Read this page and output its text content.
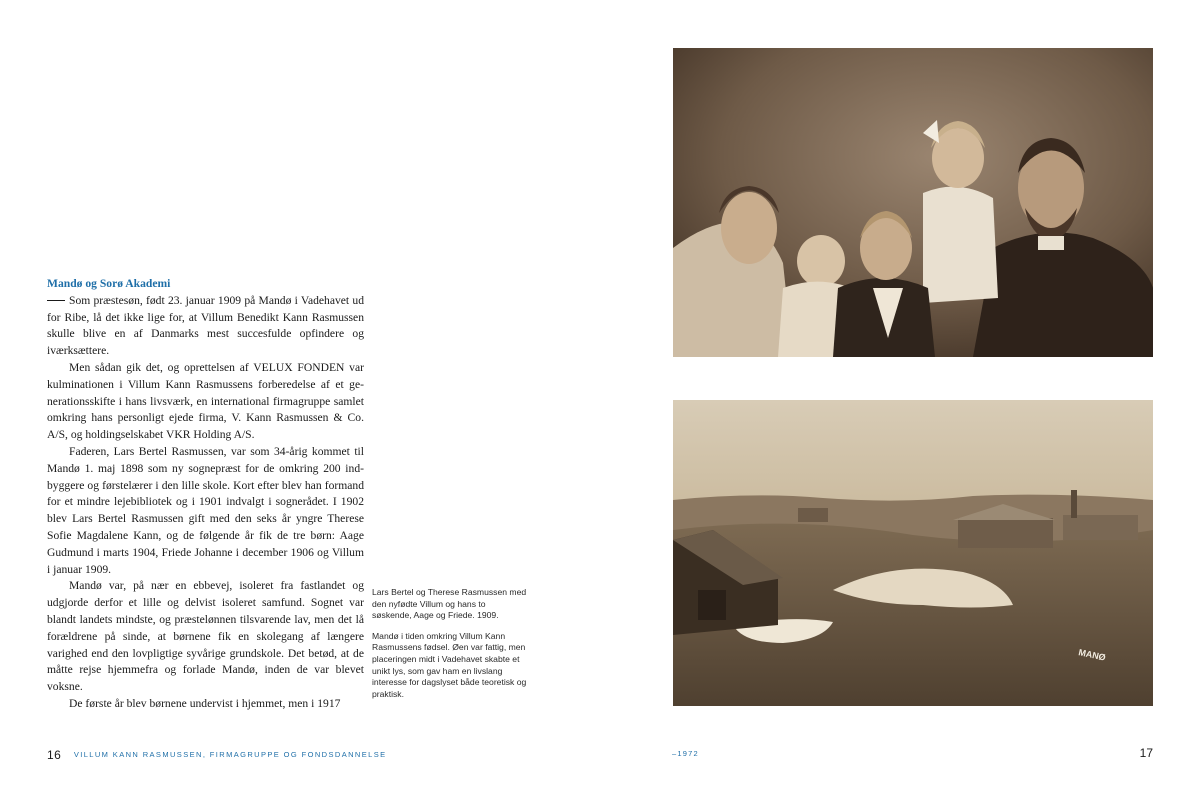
Mandø og Sorø Akademi

Som præstesøn, født 23. januar 1909 på Mandø i Vadehavet ud for Ribe, lå det ikke lige for, at Villum Benedikt Kann Rasmussen skulle blive en af Danmarks mest succesfulde opfindere og iværksættere.

Men sådan gik det, og oprettelsen af VELUX FONDEN var kulminationen i Villum Kann Rasmussens forberedelse af et generationsskifte i hans livsværk, en international firmagruppe samlet omkring hans personligt ejede firma, V. Kann Rasmussen & Co. A/S, og holdingselskabet VKR Holding A/S.

Faderen, Lars Bertel Rasmussen, var som 34-årig kommet til Mandø 1. maj 1898 som ny sognepræst for de omkring 200 indbyggere og førstelærer i den lille skole. Kort efter blev han formand for et mindre lejebibliotek og i 1901 indvalgt i sognerådet. I 1902 blev Lars Bertel Rasmussen gift med den seks år yngre Therese Sofie Magdalene Kann, og de følgende år fik de tre børn: Aage Gudmund i marts 1904, Friede Johanne i december 1906 og Villum i januar 1909.

Mandø var, på nær en ebbevej, isoleret fra fastlandet og udgjorde derfor et lille og delvist isoleret samfund. Sognet var blandt landets mindste, og præstelønnen tilsvarende lav, men det lå forældrene på sinde, at børnene fik en skolegang af længere varighed end den lovpligtige syvårige grundskole. Det betød, at de måtte rejse hjemmefra og forlade Mandø, inden de var blevet voksne.

De første år blev børnene undervist i hjemmet, men i 1917

Lars Bertel og Therese Rasmussen med den nyfødte Villum og hans to søskende, Aage og Friede. 1909.

Mandø i tiden omkring Villum Kann Rasmussens fødsel. Øen var fattig, men placeringen midt i Vadehavet skabte et unikt lys, som gav ham en livslang interesse for dagslyset både teoretisk og praktisk.

MANØ
16 VILLUM KANN RASMUSSEN, FIRMAGRUPPE OG FONDSDANNELSE	–1972	17
